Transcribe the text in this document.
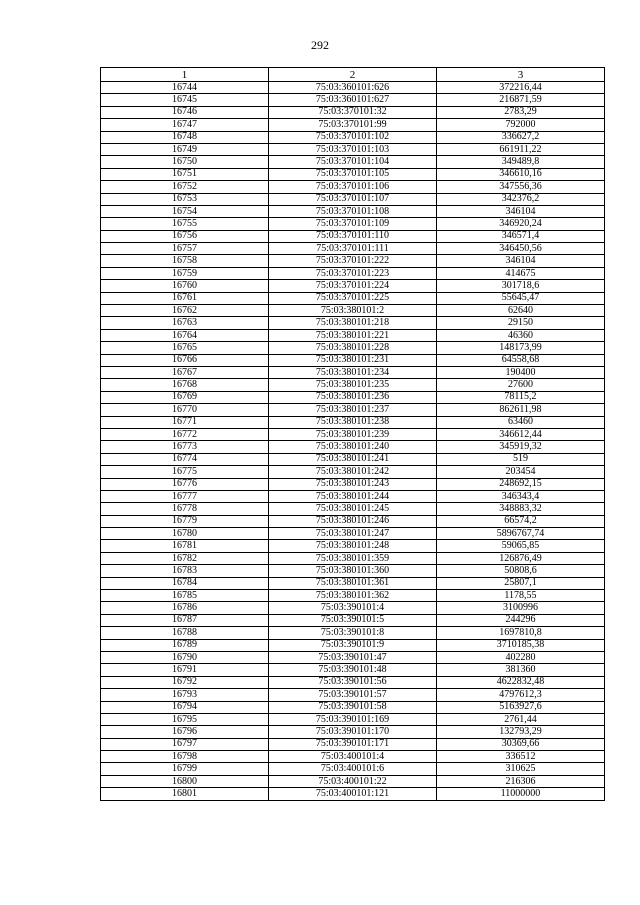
292
1	2	3
16744	75:03:360101:626	372216,44
16745	75:03:360101:627	216871,59
16746	75:03:370101:32	2783,29
16747	75:03:370101:99	792000
16748	75:03:370101:102	336627,2
16749	75:03:370101:103	661911,22
16750	75:03:370101:104	349489,8
16751	75:03:370101:105	346610,16
16752	75:03:370101:106	347556,36
16753	75:03:370101:107	342376,2
16754	75:03:370101:108	346104
16755	75:03:370101:109	346920,24
16756	75:03:370101:110	346571,4
16757	75:03:370101:111	346450,56
16758	75:03:370101:222	346104
16759	75:03:370101:223	414675
16760	75:03:370101:224	301718,6
16761	75:03:370101:225	55645,47
16762	75:03:380101:2	62640
16763	75:03:380101:218	29150
16764	75:03:380101:221	46360
16765	75:03:380101:228	148173,99
16766	75:03:380101:231	64558,68
16767	75:03:380101:234	190400
16768	75:03:380101:235	27600
16769	75:03:380101:236	78115,2
16770	75:03:380101:237	862611,98
16771	75:03:380101:238	63460
16772	75:03:380101:239	346612,44
16773	75:03:380101:240	345919,32
16774	75:03:380101:241	519
16775	75:03:380101:242	203454
16776	75:03:380101:243	248692,15
16777	75:03:380101:244	346343,4
16778	75:03:380101:245	348883,32
16779	75:03:380101:246	66574,2
16780	75:03:380101:247	5896767,74
16781	75:03:380101:248	59065,85
16782	75:03:380101:359	126876,49
16783	75:03:380101:360	50808,6
16784	75:03:380101:361	25807,1
16785	75:03:380101:362	1178,55
16786	75:03:390101:4	3100996
16787	75:03:390101:5	244296
16788	75:03:390101:8	1697810,8
16789	75:03:390101:9	3710185,38
16790	75:03:390101:47	402280
16791	75:03:390101:48	381360
16792	75:03:390101:56	4622832,48
16793	75:03:390101:57	4797612,3
16794	75:03:390101:58	5163927,6
16795	75:03:390101:169	2761,44
16796	75:03:390101:170	132793,29
16797	75:03:390101:171	30369,66
16798	75:03:400101:4	336512
16799	75:03:400101:6	310625
16800	75:03:400101:22	216306
16801	75:03:400101:121	11000000
